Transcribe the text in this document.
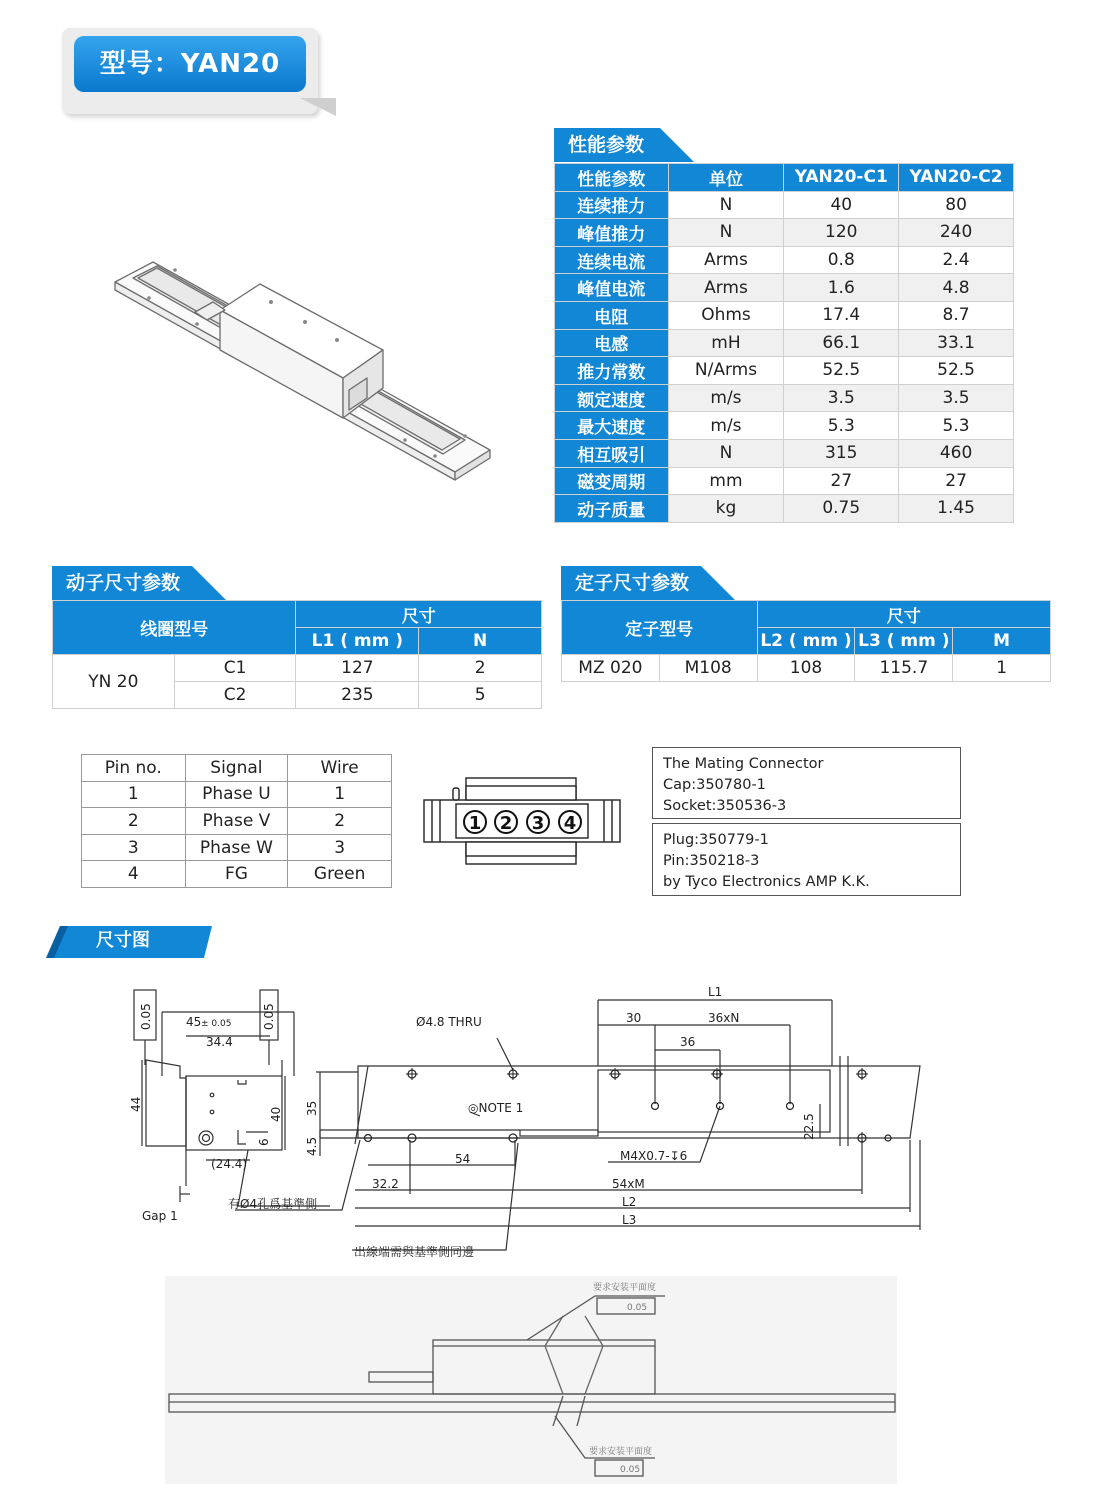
型号：YAN20
性能参数
性能参数	单位	YAN20-C1	YAN20-C2
连续推力	N	40	80
峰值推力	N	120	240
连续电流	Arms	0.8	2.4
峰值电流	Arms	1.6	4.8
电阻	Ohms	17.4	8.7
电感	mH	66.1	33.1
推力常数	N/Arms	52.5	52.5
额定速度	m/s	3.5	3.5
最大速度	m/s	5.3	5.3
相互吸引	N	315	460
磁变周期	mm	27	27
动子质量	kg	0.75	1.45
动子尺寸参数
线圈型号		尺寸	
		L1 ( mm )	N
YN 20	C1	127	2
	C2	235	5
定子尺寸参数
定子型号		尺寸		
		L2 ( mm )	L3 ( mm )	M
MZ 020	M108	108	115.7	1
Pin no.	Signal	Wire
1	Phase U	1
2	Phase V	2
3	Phase W	3
4	FG	Green
1 2 3 4
The Mating Connector
Cap:350780-1
Socket:350536-3
Plug:350779-1
Pin:350218-3
by Tyco Electronics AMP K.K.
尺寸图
0.05	0.05
45 ± 0.05
34.4
44
40
6
(24.4)
Gap 1
有Ø4孔爲基準側
Ø4.8 THRU
◎NOTE 1
35
4.5
54
32.2	54xM
L1
L2
L3
30	36xN
36
22.5
M4X0.7-↧6
出線端需與基準側同邊
要求安装平面度
要求安装平面度
0.05
0.05
